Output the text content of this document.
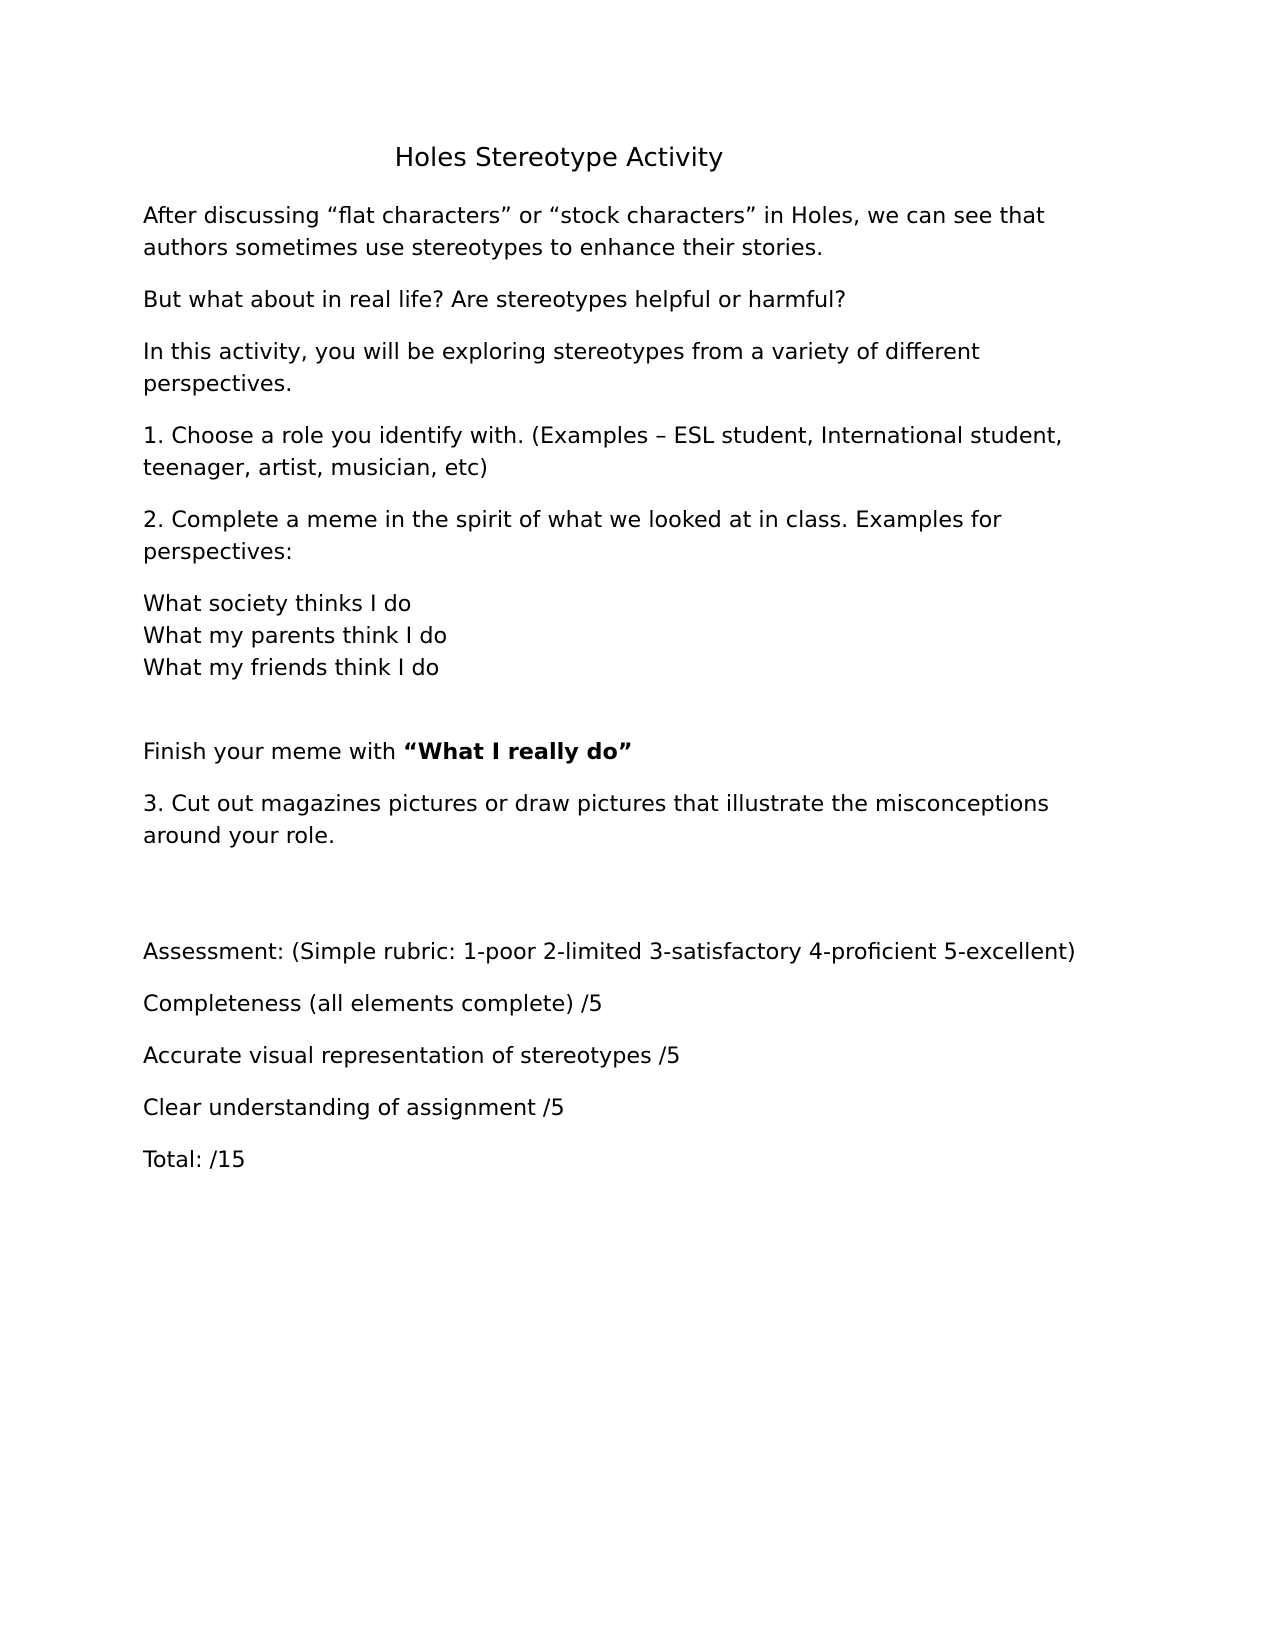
Holes Stereotype Activity

After discussing “flat characters” or “stock characters” in Holes, we can see that authors sometimes use stereotypes to enhance their stories.

But what about in real life? Are stereotypes helpful or harmful?

In this activity, you will be exploring stereotypes from a variety of different perspectives.

1. Choose a role you identify with. (Examples – ESL student, International student, teenager, artist, musician, etc)

2. Complete a meme in the spirit of what we looked at in class. Examples for perspectives:

What society thinks I do

What my parents think I do

What my friends think I do

Finish your meme with “What I really do”

3. Cut out magazines pictures or draw pictures that illustrate the misconceptions around your role.

Assessment: (Simple rubric: 1-poor 2-limited 3-satisfactory 4-proficient 5-excellent)

Completeness (all elements complete) /5

Accurate visual representation of stereotypes /5

Clear understanding of assignment /5

Total: /15
